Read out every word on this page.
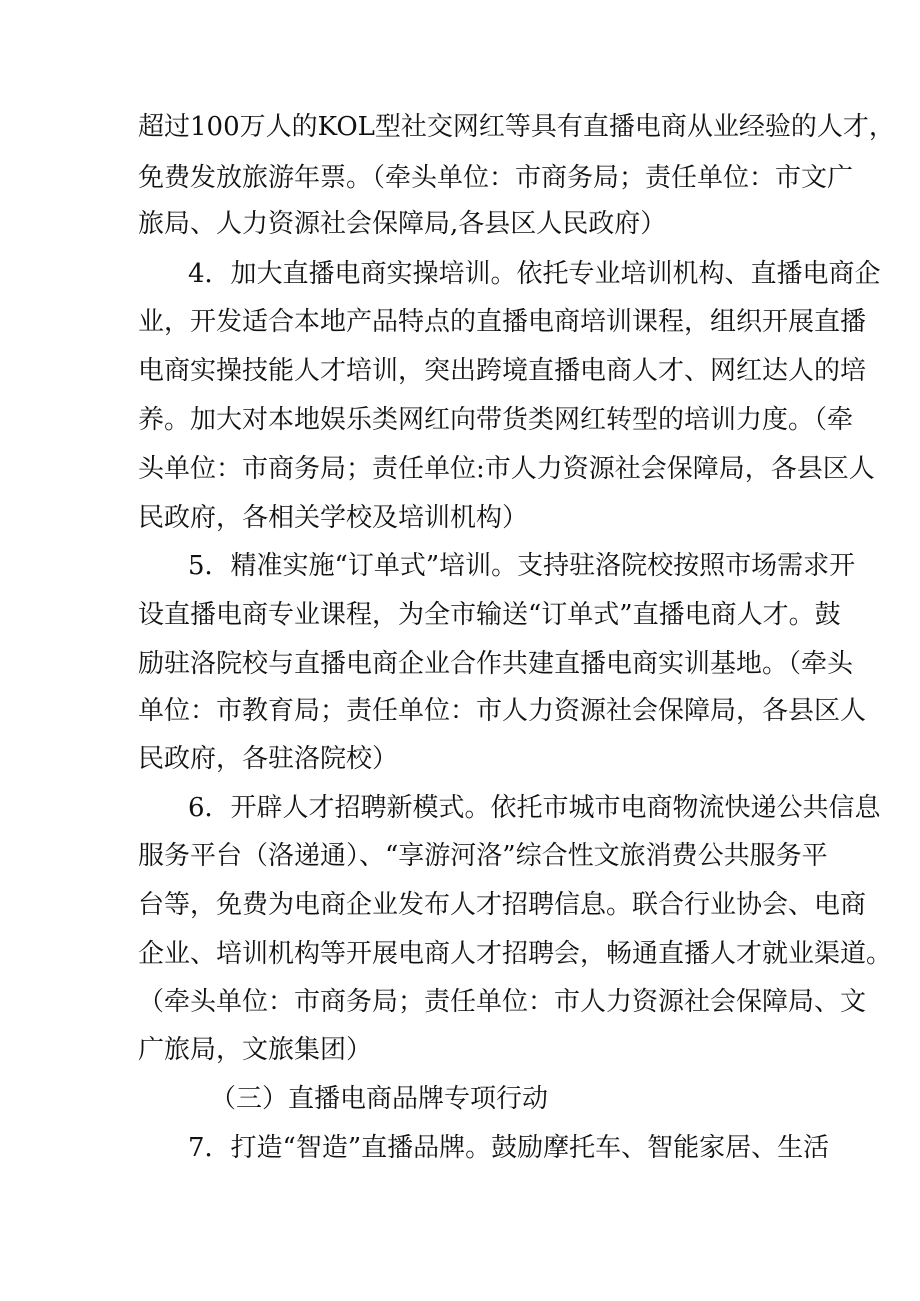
超过100万人的KOL型社交网红等具有直播电商从业经验的人才，
免费发放旅游年票。（牵头单位：市商务局；责任单位：市文广
旅局、人力资源社会保障局,各县区人民政府）
4．加大直播电商实操培训。依托专业培训机构、直播电商企
业，开发适合本地产品特点的直播电商培训课程，组织开展直播
电商实操技能人才培训，突出跨境直播电商人才、网红达人的培
养。加大对本地娱乐类网红向带货类网红转型的培训力度。（牵
头单位：市商务局；责任单位:市人力资源社会保障局，各县区人
民政府，各相关学校及培训机构）
5．精准实施“订单式”培训。支持驻洛院校按照市场需求开
设直播电商专业课程，为全市输送“订单式”直播电商人才。鼓
励驻洛院校与直播电商企业合作共建直播电商实训基地。（牵头
单位：市教育局；责任单位：市人力资源社会保障局，各县区人
民政府，各驻洛院校）
6．开辟人才招聘新模式。依托市城市电商物流快递公共信息
服务平台（洛递通）、“享游河洛”综合性文旅消费公共服务平
台等，免费为电商企业发布人才招聘信息。联合行业协会、电商
企业、培训机构等开展电商人才招聘会，畅通直播人才就业渠道。
（牵头单位：市商务局；责任单位：市人力资源社会保障局、文
广旅局，文旅集团）
（三）直播电商品牌专项行动
7．打造“智造”直播品牌。鼓励摩托车、智能家居、生活
